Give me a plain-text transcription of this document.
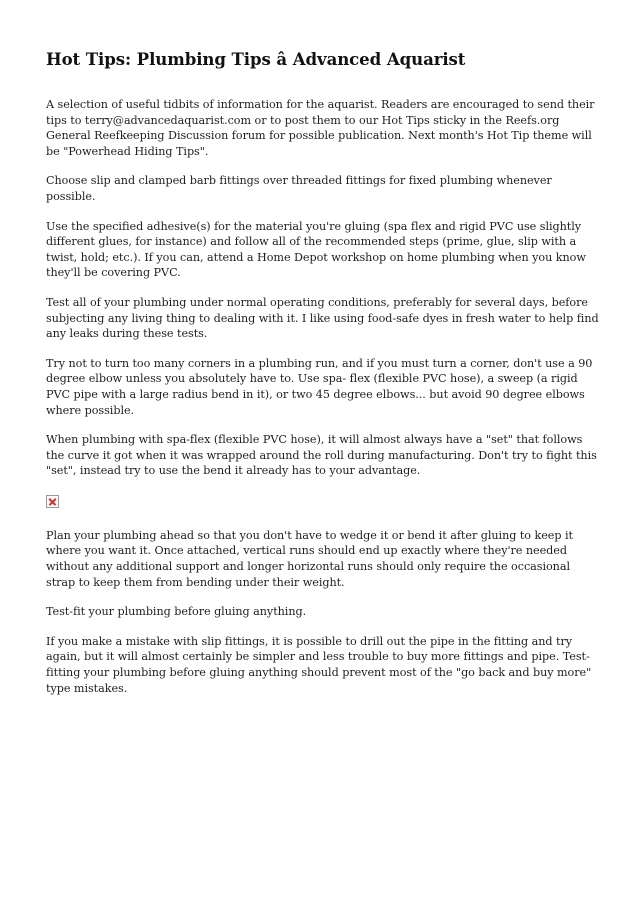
Hot Tips: Plumbing Tips â Advanced Aquarist

A selection of useful tidbits of information for the aquarist. Readers are encouraged to send their tips to terry@advancedaquarist.com or to post them to our Hot Tips sticky in the Reefs.org General Reefkeeping Discussion forum for possible publication. Next month's Hot Tip theme will be "Powerhead Hiding Tips".

Choose slip and clamped barb fittings over threaded fittings for fixed plumbing whenever possible.

Use the specified adhesive(s) for the material you're gluing (spa flex and rigid PVC use slightly different glues, for instance) and follow all of the recommended steps (prime, glue, slip with a twist, hold; etc.). If you can, attend a Home Depot workshop on home plumbing when you know they'll be covering PVC.

Test all of your plumbing under normal operating conditions, preferably for several days, before subjecting any living thing to dealing with it. I like using food-safe dyes in fresh water to help find any leaks during these tests.

Try not to turn too many corners in a plumbing run, and if you must turn a corner, don't use a 90 degree elbow unless you absolutely have to. Use spa- flex (flexible PVC hose), a sweep (a rigid PVC pipe with a large radius bend in it), or two 45 degree elbows... but avoid 90 degree elbows where possible.

When plumbing with spa-flex (flexible PVC hose), it will almost always have a "set" that follows the curve it got when it was wrapped around the roll during manufacturing. Don't try to fight this "set", instead try to use the bend it already has to your advantage.

Plan your plumbing ahead so that you don't have to wedge it or bend it after gluing to keep it where you want it. Once attached, vertical runs should end up exactly where they're needed without any additional support and longer horizontal runs should only require the occasional strap to keep them from bending under their weight.

Test-fit your plumbing before gluing anything.

If you make a mistake with slip fittings, it is possible to drill out the pipe in the fitting and try again, but it will almost certainly be simpler and less trouble to buy more fittings and pipe. Test-fitting your plumbing before gluing anything should prevent most of the "go back and buy more" type mistakes.
